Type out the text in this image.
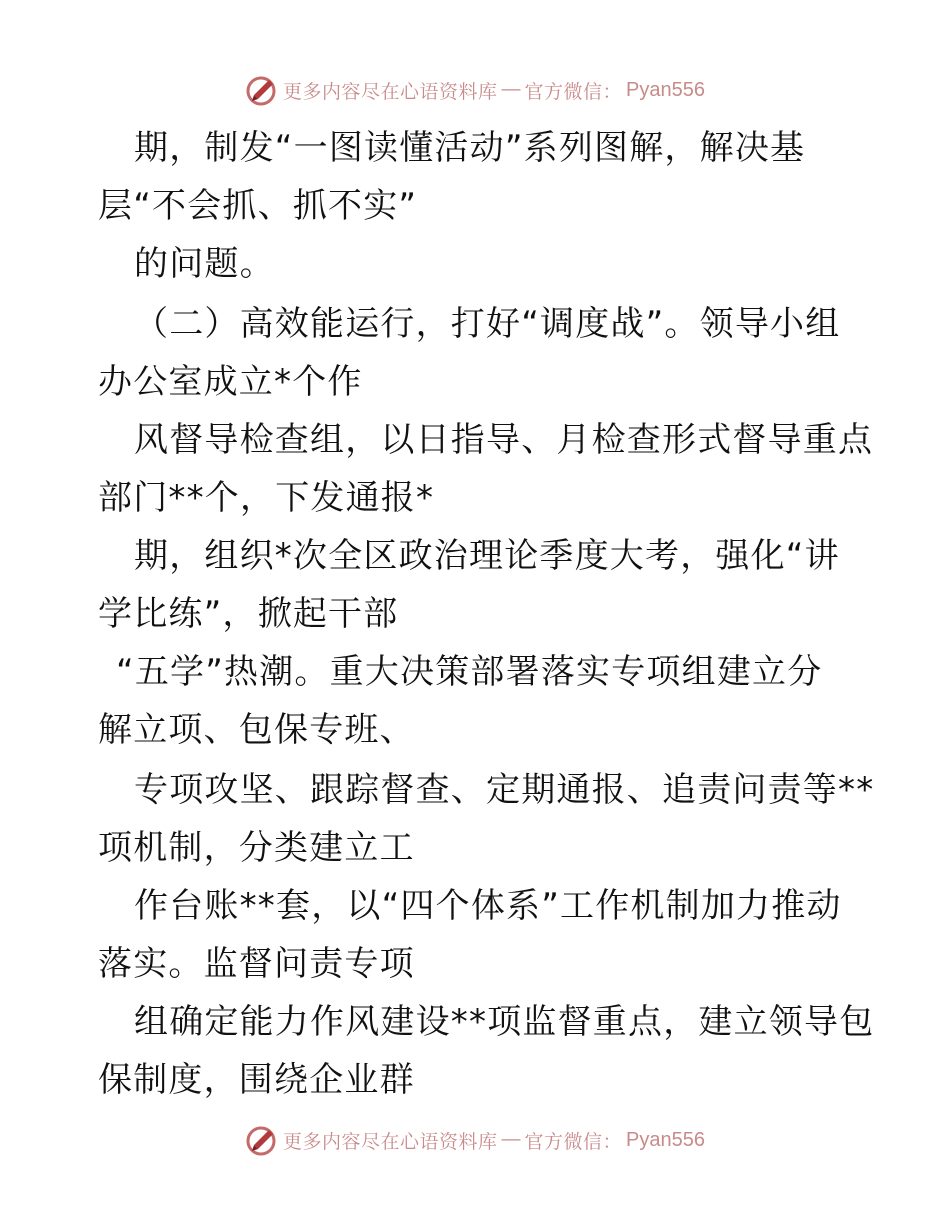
更多内容尽在心语资料库 — 官方微信： Pyan556
期，制发“一图读懂活动”系列图解，解决基
层“不会抓、抓不实”
的问题。
（二）高效能运行，打好“调度战”。领导小组
办公室成立*个作
风督导检查组，以日指导、月检查形式督导重点
部门**个，下发通报*
期，组织*次全区政治理论季度大考，强化“讲
学比练”，掀起干部
“五学”热潮。重大决策部署落实专项组建立分
解立项、包保专班、
专项攻坚、跟踪督查、定期通报、追责问责等**
项机制，分类建立工
作台账**套，以“四个体系”工作机制加力推动
落实。监督问责专项
组确定能力作风建设**项监督重点，建立领导包
保制度，围绕企业群
更多内容尽在心语资料库 — 官方微信： Pyan556
